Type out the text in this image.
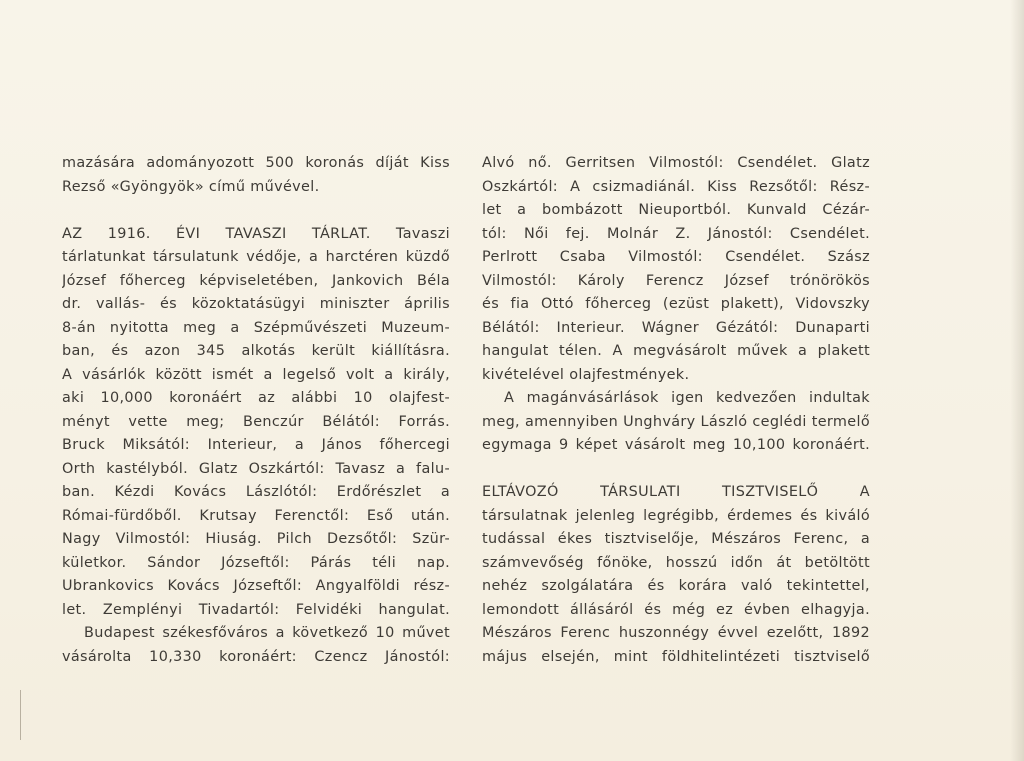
mazására adományozott 500 koronás díját Kiss
Rezső «Gyöngyök» című művével.
AZ 1916. ÉVI TAVASZI TÁRLAT. Tavaszi
tárlatunkat társulatunk védője, a harctéren küzdő
József főherceg képviseletében, Jankovich Béla
dr. vallás- és közoktatásügyi miniszter április
8-án nyitotta meg a Szépművészeti Muzeum-
ban, és azon 345 alkotás került kiállításra.
A vásárlók között ismét a legelső volt a király,
aki 10,000 koronáért az alábbi 10 olajfest-
ményt vette meg; Benczúr Bélától: Forrás.
Bruck Miksától: Interieur, a János főhercegi
Orth kastélyból. Glatz Oszkártól: Tavasz a falu-
ban. Kézdi Kovács Lászlótól: Erdőrészlet a
Római-fürdőből. Krutsay Ferenctől: Eső után.
Nagy Vilmostól: Hiuság. Pilch Dezsőtől: Szür-
kületkor. Sándor Józseftől: Párás téli nap.
Ubrankovics Kovács Józseftől: Angyalföldi rész-
let. Zemplényi Tivadartól: Felvidéki hangulat.
Budapest székesfőváros a következő 10 művet
vásárolta 10,330 koronáért: Czencz Jánostól:
Alvó nő. Gerritsen Vilmostól: Csendélet. Glatz
Oszkártól: A csizmadiánál. Kiss Rezsőtől: Rész-
let a bombázott Nieuportból. Kunvald Cézár-
tól: Női fej. Molnár Z. Jánostól: Csendélet.
Perlrott Csaba Vilmostól: Csendélet. Szász
Vilmostól: Károly Ferencz József trónörökös
és fia Ottó főherceg (ezüst plakett), Vidovszky
Bélától: Interieur. Wágner Gézától: Dunaparti
hangulat télen. A megvásárolt művek a plakett
kivételével olajfestmények.
A magánvásárlások igen kedvezően indultak
meg, amennyiben Unghváry László ceglédi termelő
egymaga 9 képet vásárolt meg 10,100 koronáért.
ELTÁVOZÓ TÁRSULATI TISZTVISELŐ A
társulatnak jelenleg legrégibb, érdemes és kiváló
tudással ékes tisztviselője, Mészáros Ferenc, a
számvevőség főnöke, hosszú időn át betöltött
nehéz szolgálatára és korára való tekintettel,
lemondott állásáról és még ez évben elhagyja.
Mészáros Ferenc huszonnégy évvel ezelőtt, 1892
május elsején, mint földhitelintézeti tisztviselő
